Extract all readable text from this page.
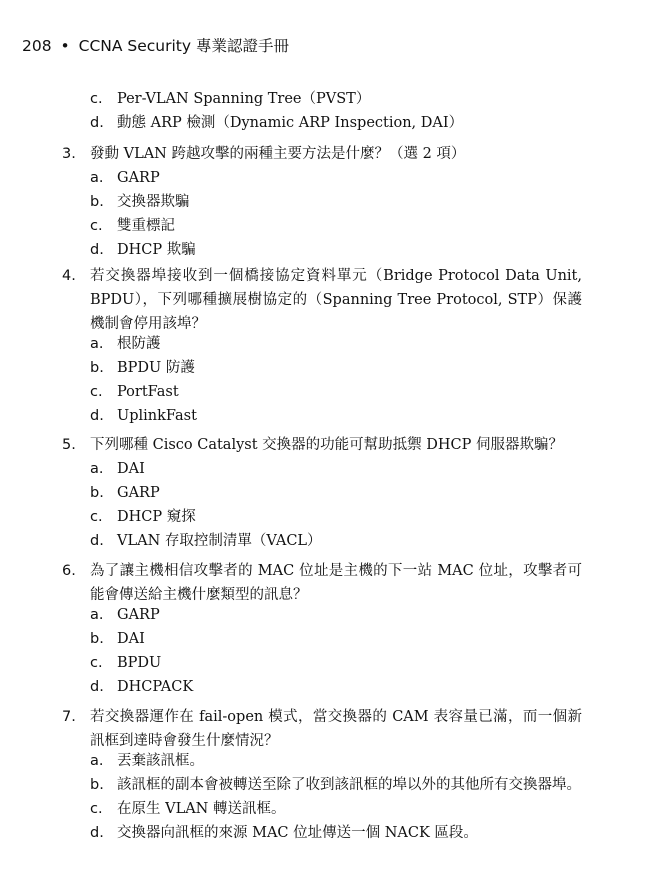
208 • CCNA Security 專業認證手冊
c. Per-VLAN Spanning Tree（PVST）
d. 動態 ARP 檢測（Dynamic ARP Inspection, DAI）
3. 發動 VLAN 跨越攻擊的兩種主要方法是什麼？（選 2 項）
a. GARP
b. 交換器欺騙
c. 雙重標記
d. DHCP 欺騙
4. 若交換器埠接收到一個橋接協定資料單元（Bridge Protocol Data Unit, BPDU），下列哪種擴展樹協定的（Spanning Tree Protocol, STP）保護機制會停用該埠？
a. 根防護
b. BPDU 防護
c. PortFast
d. UplinkFast
5. 下列哪種 Cisco Catalyst 交換器的功能可幫助抵禦 DHCP 伺服器欺騙？
a. DAI
b. GARP
c. DHCP 窺探
d. VLAN 存取控制清單（VACL）
6. 為了讓主機相信攻擊者的 MAC 位址是主機的下一站 MAC 位址，攻擊者可能會傳送給主機什麼類型的訊息？
a. GARP
b. DAI
c. BPDU
d. DHCPACK
7. 若交換器運作在 fail-open 模式，當交換器的 CAM 表容量已滿，而一個新訊框到達時會發生什麼情況？
a. 丟棄該訊框。
b. 該訊框的副本會被轉送至除了收到該訊框的埠以外的其他所有交換器埠。
c. 在原生 VLAN 轉送訊框。
d. 交換器向訊框的來源 MAC 位址傳送一個 NACK 區段。
